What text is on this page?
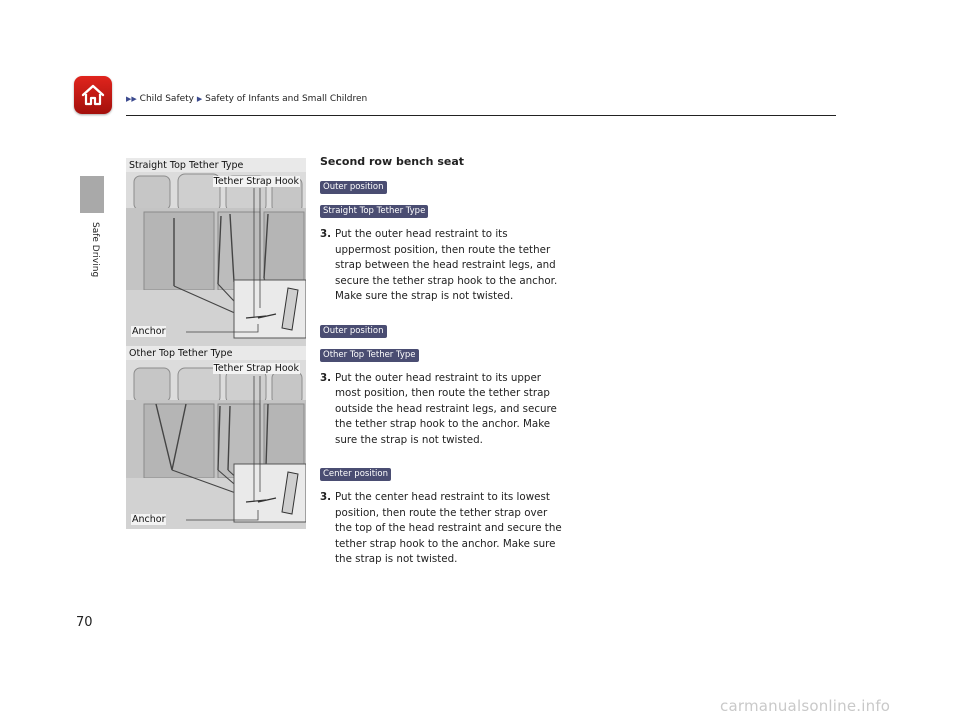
▶▶ Child Safety ▶ Safety of Infants and Small Children
Safe Driving
Straight Top Tether Type
Tether Strap Hook
Anchor
Other Top Tether Type
Tether Strap Hook
Anchor
Second row bench seat
Outer position
Straight Top Tether Type
3. Put the outer head restraint to its uppermost position, then route the tether strap between the head restraint legs, and secure the tether strap hook to the anchor. Make sure the strap is not twisted.
Outer position
Other Top Tether Type
3. Put the outer head restraint to its upper most position, then route the tether strap outside the head restraint legs, and secure the tether strap hook to the anchor. Make sure the strap is not twisted.
Center position
3. Put the center head restraint to its lowest position, then route the tether strap over the top of the head restraint and secure the tether strap hook to the anchor. Make sure the strap is not twisted.
70
carmanualsonline.info
